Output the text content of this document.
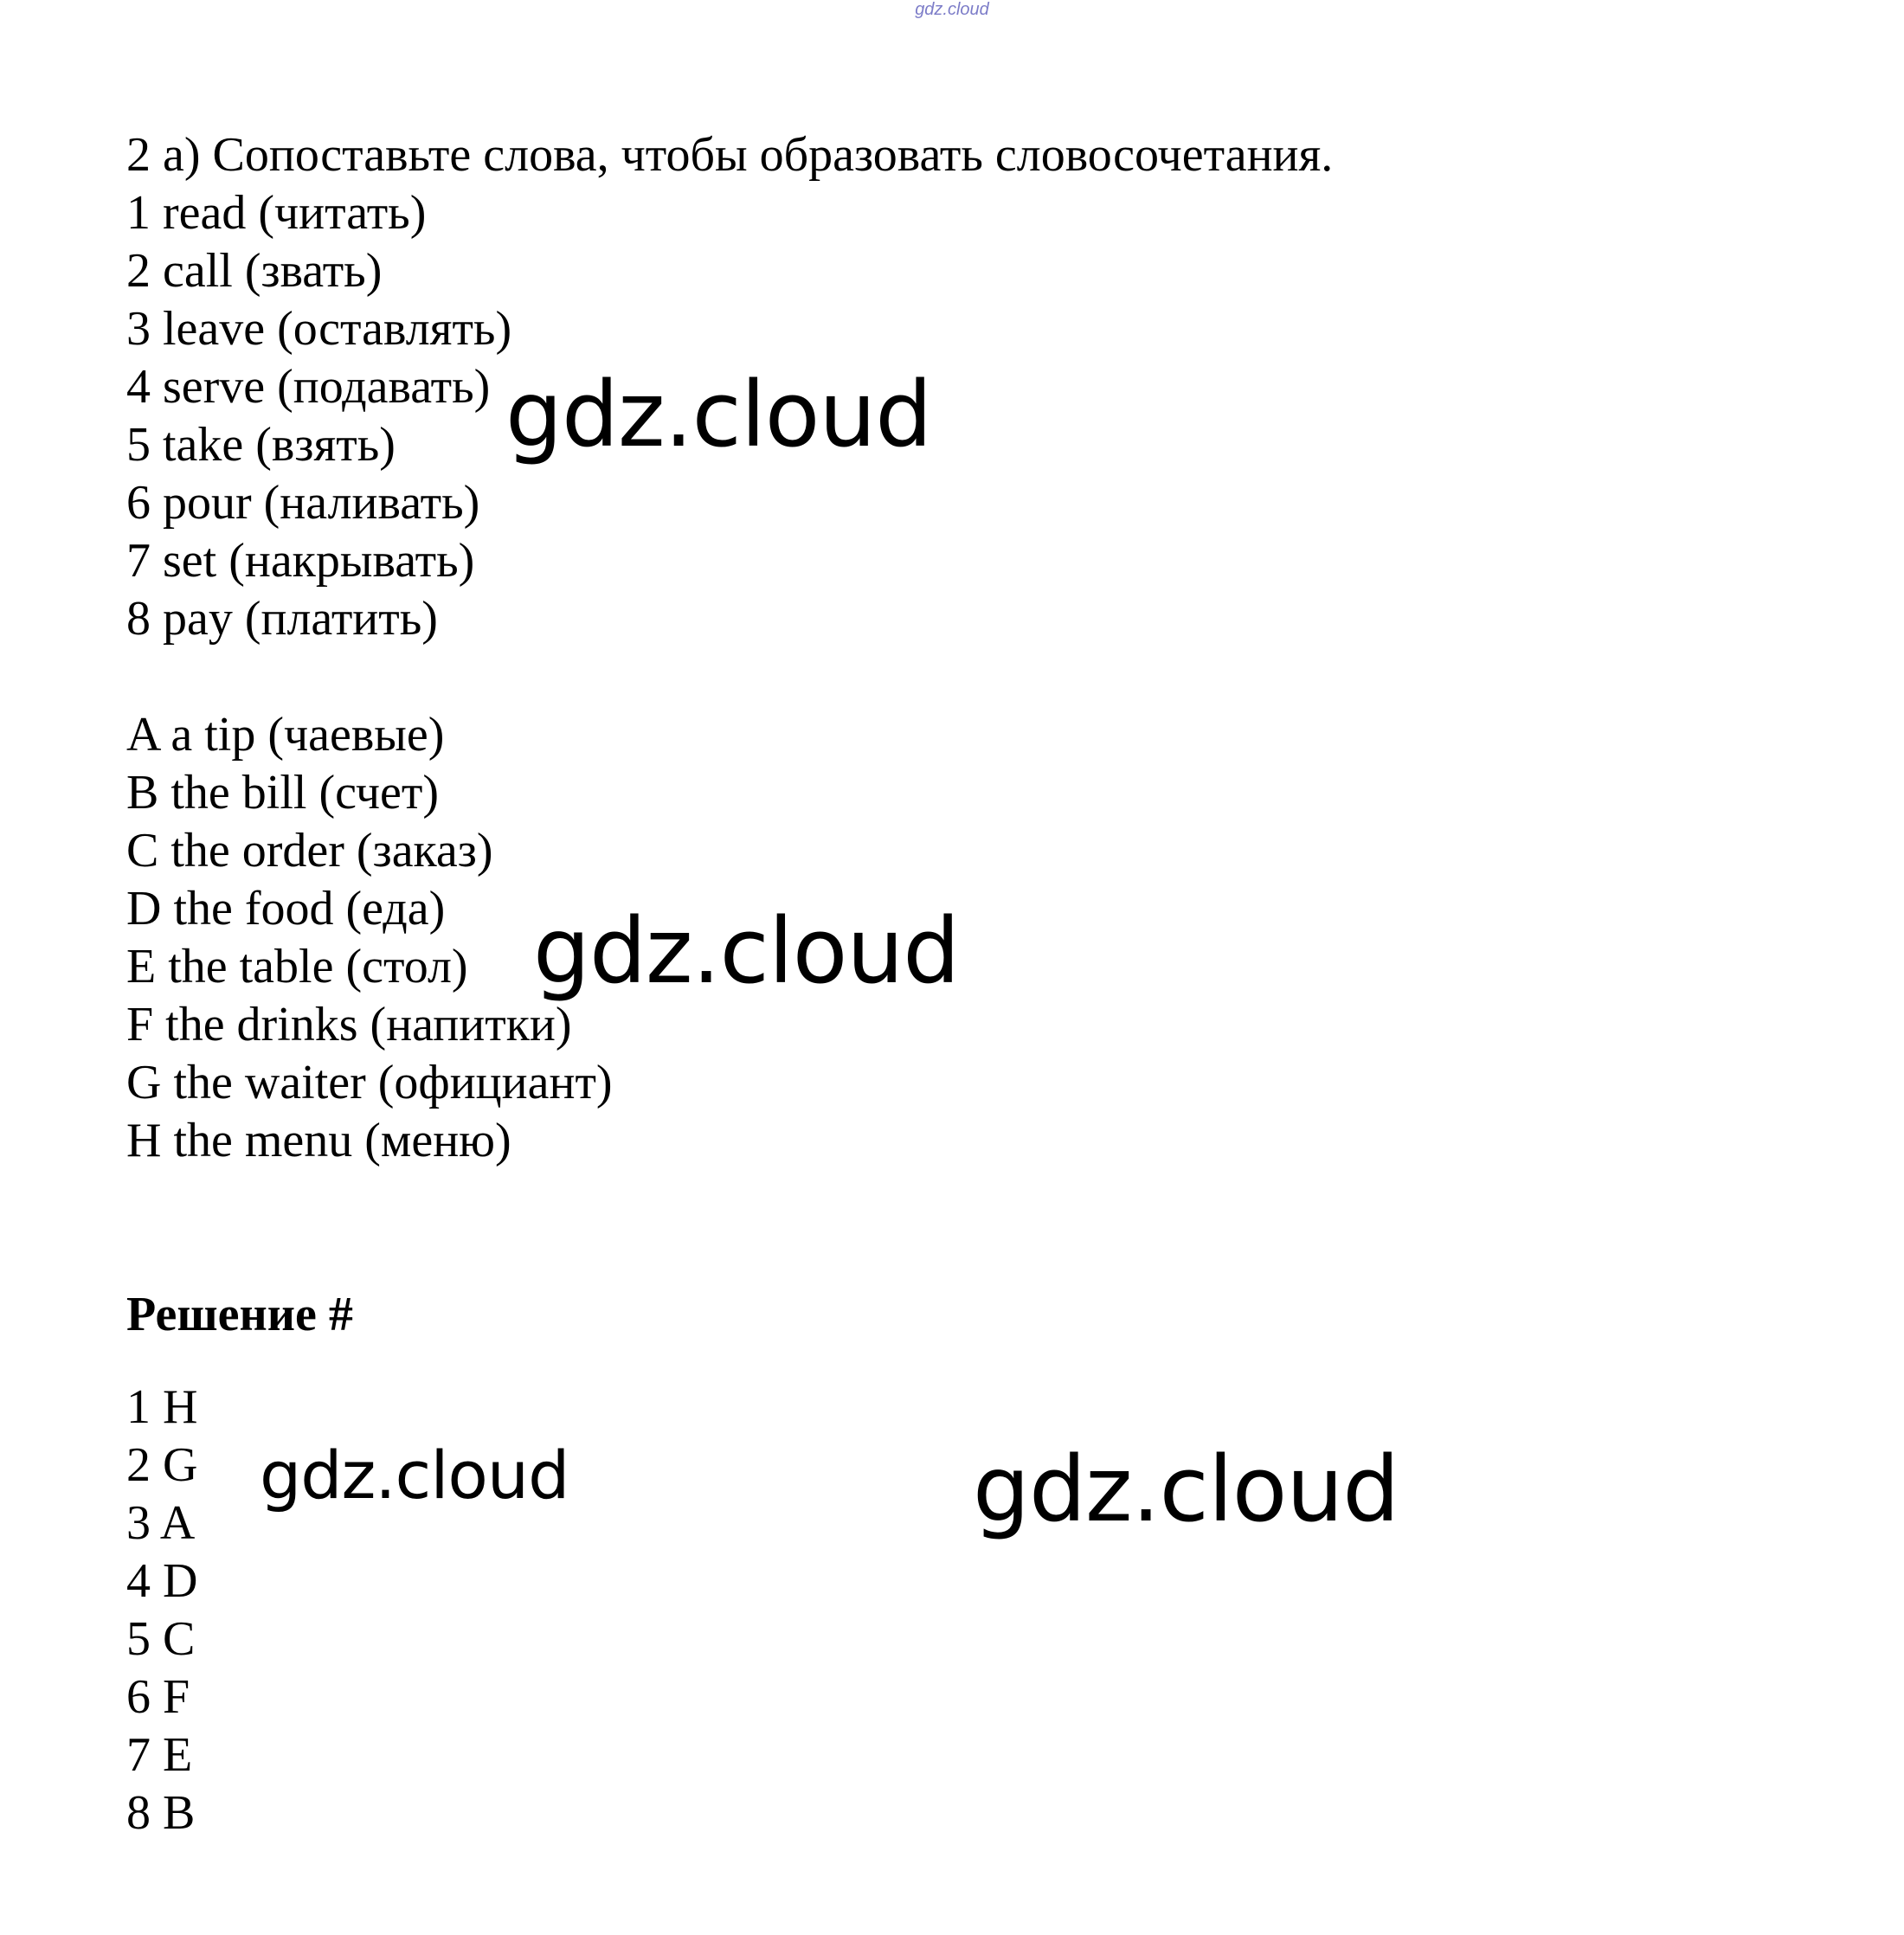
gdz.cloud
2 a) Сопоставьте слова, чтобы образовать словосочетания.
1 read (читать)
2 call (звать)
3 leave (оставлять)
4 serve (подавать)
5 take (взять)
6 pour (наливать)
7 set (накрывать)
8 pay (платить)
A a tip (чаевые)
B the bill (счет)
C the order (заказ)
D the food (еда)
E the table (стол)
F the drinks (напитки)
G the waiter (официант)
H the menu (меню)
Решение #
1 H
2 G
3 A
4 D
5 C
6 F
7 E
8 B
gdz.cloud
gdz.cloud
gdz.cloud	gdz.cloud
